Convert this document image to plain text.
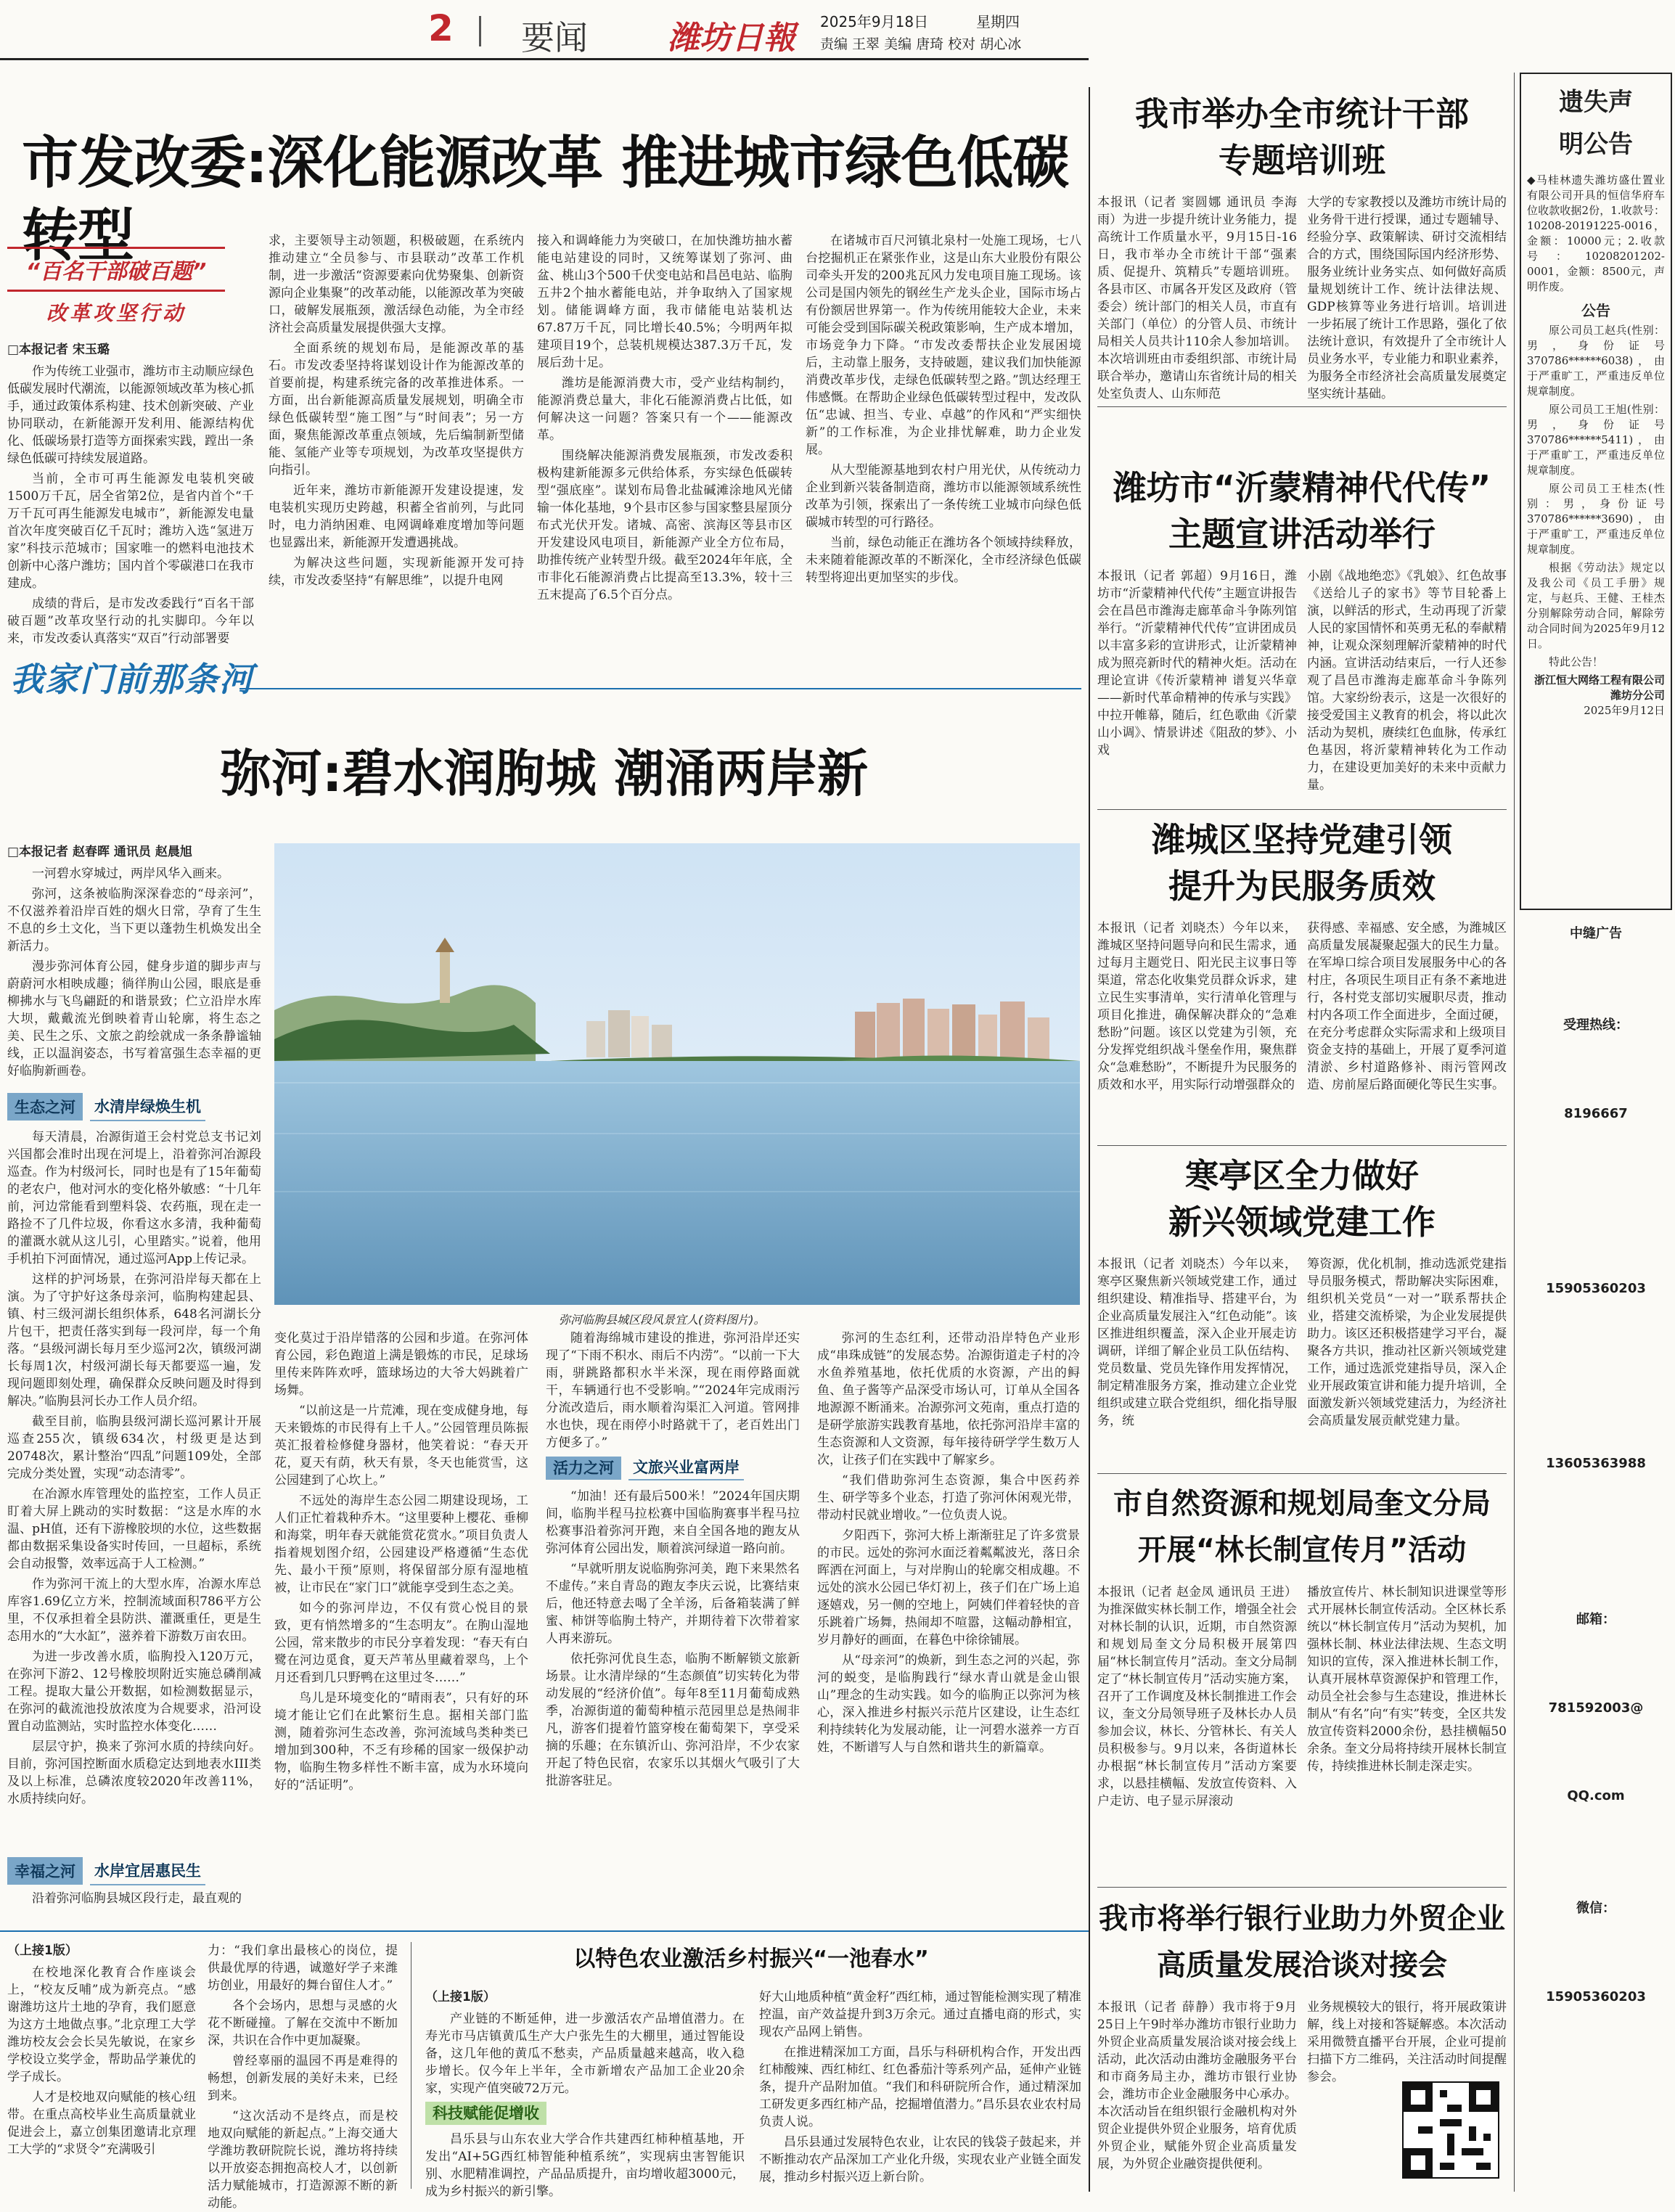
2 要闻	潍坊日報 2025年9月18日	星期四
责编 王翠 美编 唐琦 校对 胡心冰
市发改委:深化能源改革 推进城市绿色低碳转型
“百名干部破百题”
改革攻坚行动
□本报记者 宋玉璐

作为传统工业强市，潍坊市主动顺应绿色低碳发展时代潮流，以能源领域改革为核心抓手，通过政策体系构建、技术创新突破、产业协同联动，在新能源开发利用、能源结构优化、低碳场景打造等方面探索实践，蹚出一条绿色低碳可持续发展道路。

当前，全市可再生能源发电装机突破1500万千瓦，居全省第2位，是省内首个“千万千瓦可再生能源发电城市”，新能源发电量首次年度突破百亿千瓦时；潍坊入选“氢进万家”科技示范城市；国家唯一的燃料电池技术创新中心落户潍坊；国内首个零碳港口在我市建成。

成绩的背后，是市发改委践行“百名干部破百题”改革攻坚行动的扎实脚印。今年以来，市发改委认真落实“双百”行动部署要

求，主要领导主动领题，积极破题，在系统内推动建立“全员参与、市县联动”改革工作机制，进一步激活“资源要素向优势聚集、创新资源向企业集聚”的改革动能，以能源改革为突破口，破解发展瓶颈，激活绿色动能，为全市经济社会高质量发展提供强大支撑。

全面系统的规划布局，是能源改革的基石。市发改委坚持将谋划设计作为能源改革的首要前提，构建系统完备的改革推进体系。一方面，出台新能源高质量发展规划，明确全市绿色低碳转型“施工图”与“时间表”；另一方面，聚焦能源改革重点领域，先后编制新型储能、氢能产业等专项规划，为改革攻坚提供方向指引。

近年来，潍坊市新能源开发建设提速，发电装机实现历史跨越，积蓄全省前列，与此同时，电力消纳困难、电网调峰难度增加等问题也显露出来，新能源开发遭遇挑战。

为解决这些问题，实现新能源开发可持续，市发改委坚持“有解思维”，以提升电网

接入和调峰能力为突破口，在加快潍坊抽水蓄能电站建设的同时，又统筹谋划了弥河、曲盆、桃山3个500千伏变电站和昌邑电站、临朐五井2个抽水蓄能电站，并争取纳入了国家规划。储能调峰方面，我市储能电站装机达67.87万千瓦，同比增长40.5%；今明两年拟建项目19个，总装机规模达387.3万千瓦，发展后劲十足。

潍坊是能源消费大市，受产业结构制约，能源消费总量大，非化石能源消费占比低，如何解决这一问题？答案只有一个——能源改革。

围绕解决能源消费发展瓶颈，市发改委积极构建新能源多元供给体系，夯实绿色低碳转型“强底座”。谋划布局鲁北盐碱滩涂地风光储输一体化基地，9个县市区参与国家整县屋顶分布式光伏开发。诸城、高密、滨海区等县市区开发建设风电项目，新能源产业全方位布局，助推传统产业转型升级。截至2024年年底，全市非化石能源消费占比提高至13.3%，较十三五末提高了6.5个百分点。

在诸城市百尺河镇北泉村一处施工现场，七八台挖掘机正在紧张作业，这是山东大业股份有限公司牵头开发的200兆瓦风力发电项目施工现场。该公司是国内领先的钢丝生产龙头企业，国际市场占有份额居世界第一。作为传统用能较大企业，未来可能会受到国际碳关税政策影响，生产成本增加，市场竞争力下降。“市发改委帮扶企业发展困境后，主动靠上服务，支持破题，建议我们加快能源消费改革步伐，走绿色低碳转型之路。”凯达经理王伟感慨。在帮助企业绿色低碳转型过程中，发改队伍“忠诚、担当、专业、卓越”的作风和“严实细快新”的工作标准，为企业排忧解难，助力企业发展。

从大型能源基地到农村户用光伏，从传统动力企业到新兴装备制造商，潍坊市以能源领域系统性改革为引领，探索出了一条传统工业城市向绿色低碳城市转型的可行路径。

当前，绿色动能正在潍坊各个领域持续释放，未来随着能源改革的不断深化，全市经济绿色低碳转型将迎出更加坚实的步伐。

我家门前那条河
弥河:碧水润朐城 潮涌两岸新
□本报记者 赵春晖 通讯员 赵晨旭

一河碧水穿城过，两岸风华入画来。

弥河，这条被临朐深深眷恋的“母亲河”，不仅滋养着沿岸百姓的烟火日常，孕育了生生不息的乡土文化，当下更以蓬勃生机焕发出全新活力。

漫步弥河体育公园，健身步道的脚步声与蔚蔚河水相映成趣；徜徉朐山公园，眼底是垂柳拂水与飞鸟翩跹的和谐景致；伫立沿岸水库大坝，戴戴流光倒映着青山轮廓，将生态之美、民生之乐、文旅之韵绘就成一条条静谧轴线，正以温润姿态，书写着富强生态幸福的更好临朐新画卷。

生态之河	水清岸绿焕生机

每天清晨，冶源街道王会村党总支书记刘兴国都会准时出现在河堤上，沿着弥河冶源段巡查。作为村级河长，同时也是有了15年葡萄的老农户，他对河水的变化格外敏感：“十几年前，河边常能看到塑料袋、农药瓶，现在走一路捡不了几件垃圾，你看这水多清，我种葡萄的灌溉水就从这儿引，心里踏实。”说着，他用手机拍下河面情况，通过巡河App上传记录。

这样的护河场景，在弥河沿岸每天都在上演。为了守护好这条母亲河，临朐构建起县、镇、村三级河湖长组织体系，648名河湖长分片包干，把责任落实到每一段河岸，每一个角落。“县级河湖长每月至少巡河2次，镇级河湖长每周1次，村级河湖长每天都要巡一遍，发现问题即刻处理，确保群众反映问题及时得到解决。”临朐县河长办工作人员介绍。

截至目前，临朐县级河湖长巡河累计开展巡查255次，镇级634次，村级更是达到20748次，累计整治“四乱”问题109处，全部完成分类处置，实现“动态清零”。

在冶源水库管理处的监控室，工作人员正盯着大屏上跳动的实时数据：“这是水库的水温、pH值，还有下游橡胶坝的水位，这些数据都由数据采集设备实时传回，一旦超标，系统会自动报警，效率远高于人工检测。”

作为弥河干流上的大型水库，冶源水库总库容1.69亿立方米，控制流域面积786平方公里，不仅承担着全县防洪、灌溉重任，更是生态用水的“大水缸”，滋养着下游数万亩农田。

为进一步改善水质，临朐投入120万元，在弥河下游2、12号橡胶坝附近实施总磷削减工程。提取大量公开数据，如检测数据显示，在弥河的截流池投放浓度为合规要求，沿河设置自动监测站，实时监控水体变化……

层层守护，换来了弥河水质的持续向好。目前，弥河国控断面水质稳定达到地表水III类及以上标准，总磷浓度较2020年改善11%，水质持续向好。

幸福之河	水岸宜居惠民生

沿着弥河临朐县城区段行走，最直观的

弥河临朐县城区段风景宜人(资料图片)。

变化莫过于沿岸错落的公园和步道。在弥河体育公园，彩色跑道上满是锻炼的市民，足球场里传来阵阵欢呼，篮球场边的大爷大妈跳着广场舞。

“以前这是一片荒滩，现在变成健身地，每天来锻炼的市民得有上千人。”公园管理员陈振英汇报着检修健身器材，他笑着说：“春天开花，夏天有荫，秋天有景，冬天也能赏雪，这公园建到了心坎上。”

不远处的海岸生态公园二期建设现场，工人们正忙着栽种乔木。“这里要种上樱花、垂柳和海棠，明年春天就能赏花赏水。”项目负责人指着规划图介绍，公园建设严格遵循“生态优先、最小干预”原则，将保留部分原有湿地植被，让市民在“家门口”就能享受到生态之美。

如今的弥河岸边，不仅有赏心悦目的景致，更有悄然增多的“生态明友”。在朐山湿地公园，常来散步的市民分享着发现：“春天有白鹭在河边觅食，夏天芦苇丛里藏着翠鸟，上个月还看到几只野鸭在这里过冬……”

鸟儿是环境变化的“晴雨表”，只有好的环境才能让它们在此繁衍生息。据相关部门监测，随着弥河生态改善，弥河流域鸟类种类已增加到300种，不乏有珍稀的国家一级保护动物，临朐生物多样性不断丰富，成为水环境向好的“活证明”。

随着海绵城市建设的推进，弥河沿岸还实现了“下雨不积水、雨后不内涝”。“以前一下大雨，骈跳路都积水半米深，现在雨停路面就干，车辆通行也不受影响。”“2024年完成雨污分流改造后，雨水顺着沟渠汇入河道。管网排水也快，现在雨停小时路就干了，老百姓出门方便多了。”

活力之河	文旅兴业富两岸

“加油！还有最后500米！”2024年国庆期间，临朐半程马拉松赛中国临朐赛事半程马拉松赛事沿着弥河开跑，来自全国各地的跑友从弥河体育公园出发，顺着滨河绿道一路向前。

“早就听朋友说临朐弥河美，跑下来果然名不虚传。”来自青岛的跑友李庆云说，比赛结束后，他还特意去喝了全羊汤，后备箱装满了鲜蜜、柿饼等临朐土特产，并期待着下次带着家人再来游玩。

依托弥河优良生态，临朐不断解锁文旅新场景。让水清岸绿的“生态颜值”切实转化为带动发展的“经济价值”。每年8至11月葡萄成熟季，冶源街道的葡萄种植示范园里总是热闹非凡，游客们提着竹篮穿梭在葡萄架下，享受采摘的乐趣；在东镇沂山、弥河沿岸，不少农家开起了特色民宿，农家乐以其烟火气吸引了大批游客驻足。

弥河的生态红利，还带动沿岸特色产业形成“串珠成链”的发展态势。冶源街道走子村的冷水鱼养殖基地，依托优质的水资源，产出的鲟鱼、鱼子酱等产品深受市场认可，订单从全国各地源源不断涌来。冶源弥河文苑南，重点打造的是研学旅游实践教育基地，依托弥河沿岸丰富的生态资源和人文资源，每年接待研学学生数万人次，让孩子们在实践中了解家乡。

“我们借助弥河生态资源，集合中医药养生、研学等多个业态，打造了弥河休闲观光带，带动村民就业增收。”一位负责人说。

夕阳西下，弥河大桥上渐渐驻足了许多赏景的市民。远处的弥河水面泛着粼粼波光，落日余晖洒在河面上，与对岸朐山的轮廓交相成趣。不远处的滨水公园已华灯初上，孩子们在广场上追逐嬉戏，另一侧的空地上，阿姨们伴着轻快的音乐跳着广场舞，热闹却不喧嚣，这幅动静相宜，岁月静好的画面，在暮色中徐徐铺展。

从“母亲河”的焕新，到生态之河的兴起，弥河的蜕变，是临朐践行“绿水青山就是金山银山”理念的生动实践。如今的临朐正以弥河为核心，深入推进乡村振兴示范片区建设，让生态红利持续转化为发展动能，让一河碧水滋养一方百姓，不断谱写人与自然和谐共生的新篇章。

（上接1版）

在校地深化教育合作座谈会上，“校友反哺”成为新亮点。“感谢潍坊这片土地的孕育，我们愿意为这方土地做点事。”北京理工大学潍坊校友会会长吴先敏说，在家乡学校设立奖学金，帮助品学兼优的学子成长。

人才是校地双向赋能的核心纽带。在重点高校毕业生高质量就业促进会上，嘉立创集团邀请北京理工大学的“求贤令”充满吸引

力：“我们拿出最核心的岗位，提供最优厚的待遇，诚邀好学子来潍坊创业，用最好的舞台留住人才。”

各个会场内，思想与灵感的火花不断碰撞。了解在交流中不断加深，共识在合作中更加凝聚。

曾经辜丽的温园不再是难得的畅想，创新发展的美好未来，已经到来。

“这次活动不是终点，而是校地双向赋能的新起点。”上海交通大学潍坊教研院院长说，潍坊将持续以开放姿态拥抱高校人才，以创新活力赋能城市，打造源源不断的新动能。

以特色农业激活乡村振兴“一池春水”
（上接1版）

产业链的不断延伸，进一步激活农产品增值潜力。在寿光市马店镇黄瓜生产大户张先生的大棚里，通过智能设备，这几年他的黄瓜不愁卖，产品质量越来越高，收入稳步增长。仅今年上半年，全市新增农产品加工企业20余家，实现产值突破72万元。

科技赋能促增收

昌乐县与山东农业大学合作共建西红柿种植基地，开发出“AI+5G西红柿智能种植系统”，实现病虫害智能识别、水肥精准调控，产品品质提升，亩均增收超3000元，成为乡村振兴的新引擎。

好大山地质种植“黄金籽”西红柿，通过智能检测实现了精准控温，亩产效益提升到3万余元。通过直播电商的形式，实现农产品网上销售。

在推进精深加工方面，昌乐与科研机构合作，开发出西红柿酸辣、西红柿红、红色番茄汁等系列产品，延伸产业链条，提升产品附加值。“我们和科研院所合作，通过精深加工研发更多西红柿产品，挖掘增值潜力。”昌乐县农业农村局负责人说。

昌乐县通过发展特色农业，让农民的钱袋子鼓起来，并不断推动农产品深加工产业化升级，实现农业产业链全面发展，推动乡村振兴迈上新台阶。

我市举办全市统计干部
专题培训班
本报讯（记者 窦圆娜 通讯员 李海雨）为进一步提升统计业务能力，提高统计工作质量水平，9月15日-16日，我市举办全市统计干部“强素质、促提升、筑精兵”专题培训班。各县市区、市属各开发区及政府（管委会）统计部门的相关人员，市直有关部门（单位）的分管人员、市统计局相关人员共计110余人参加培训。本次培训班由市委组织部、市统计局联合举办，邀请山东省统计局的相关处室负责人、山东师范
大学的专家教授以及潍坊市统计局的业务骨干进行授课，通过专题辅导、经验分享、政策解读、研讨交流相结合的方式，围绕国际国内经济形势、服务业统计业务实点、如何做好高质量规划统计工作、统计法律法规、GDP核算等业务进行培训。培训进一步拓展了统计工作思路，强化了依法统计意识，有效提升了全市统计人员业务水平，专业能力和职业素养，为服务全市经济社会高质量发展奠定坚实统计基础。
潍坊市“沂蒙精神代代传”
主题宣讲活动举行
本报讯（记者 郭超）9月16日，潍坊市“沂蒙精神代代传”主题宣讲报告会在昌邑市潍海走廊革命斗争陈列馆举行。“沂蒙精神代代传”宣讲团成员以丰富多彩的宣讲形式，让沂蒙精神成为照亮新时代的精神火炬。活动在理论宣讲《传沂蒙精神 谱复兴华章——新时代革命精神的传承与实践》中拉开帷幕，随后，红色歌曲《沂蒙山小调》、情景讲述《阻敌的梦》、小戏
小剧《战地绝恋》《乳娘》、红色故事《送给儿子的家书》等节目轮番上演，以鲜活的形式，生动再现了沂蒙人民的家国情怀和英勇无私的奉献精神，让观众深刻理解沂蒙精神的时代内涵。宣讲活动结束后，一行人还参观了昌邑市潍海走廊革命斗争陈列馆。大家纷纷表示，这是一次很好的接受爱国主义教育的机会，将以此次活动为契机，赓续红色血脉，传承红色基因，将沂蒙精神转化为工作动力，在建设更加美好的未来中贡献力量。
潍城区坚持党建引领
提升为民服务质效
本报讯（记者 刘晓杰）今年以来，潍城区坚持问题导向和民生需求，通过每月主题党日、阳光民主议事日等渠道，常态化收集党员群众诉求，建立民生实事清单，实行清单化管理与项目化推进，确保解决群众的“急难愁盼”问题。该区以党建为引领，充分发挥党组织战斗堡垒作用，聚焦群众“急难愁盼”，不断提升为民服务的质效和水平，用实际行动增强群众的
获得感、幸福感、安全感，为潍城区高质量发展凝聚起强大的民生力量。在军埠口综合项目发展服务中心的各村庄，各项民生项目正有条不紊地进行，各村党支部切实履职尽责，推动村内各项工作全面进步，全面过硬，在充分考虑群众实际需求和上级项目资金支持的基础上，开展了夏季河道清淤、乡村道路修补、雨污管网改造、房前屋后路面硬化等民生实事。
寒亭区全力做好
新兴领域党建工作
本报讯（记者 刘晓杰）今年以来，寒亭区聚焦新兴领域党建工作，通过组织建设、精准指导、搭建平台，为企业高质量发展注入“红色动能”。该区推进组织覆盖，深入企业开展走访调研，详细了解企业员工队伍结构、党员数量、党员先锋作用发挥情况，制定精准服务方案，推动建立企业党组织或建立联合党组织，细化指导服务，统
筹资源，优化机制，推动选派党建指导员服务模式，帮助解决实际困难，组织机关党员“一对一”联系帮扶企业，搭建交流桥梁，为企业发展提供助力。该区还积极搭建学习平台，凝聚各方共识，推动社区新兴领域党建工作，通过选派党建指导员，深入企业开展政策宣讲和能力提升培训，全面激发新兴领域党建活力，为经济社会高质量发展贡献党建力量。
市自然资源和规划局奎文分局
开展“林长制宣传月”活动
本报讯（记者 赵金凤 通讯员 王进）为推深做实林长制工作，增强全社会对林长制的认识，近期，市自然资源和规划局奎文分局积极开展第四届“林长制宣传月”活动。奎文分局制定了“林长制宣传月”活动实施方案，召开了工作调度及林长制推进工作会议，奎文分局领导班子及林长办人员参加会议，林长、分管林长、有关人员积极参与。9月以来，各街道林长办根据“林长制宣传月”活动方案要求，以悬挂横幅、发放宣传资料、入户走访、电子显示屏滚动
播放宣传片、林长制知识进课堂等形式开展林长制宣传活动。全区林长系统以“林长制宣传月”活动为契机，加强林长制、林业法律法规、生态文明知识的宣传，深入推进林长制工作，认真开展林草资源保护和管理工作，动员全社会参与生态建设，推进林长制从“有名”向“有实”转变，全区共发放宣传资料2000余份，悬挂横幅50余条。奎文分局将持续开展林长制宣传，持续推进林长制走深走实。
我市将举行银行业助力外贸企业
高质量发展洽谈对接会
本报讯（记者 薛静）我市将于9月25日上午9时举办潍坊市银行业助力外贸企业高质量发展洽谈对接会线上活动，此次活动由潍坊金融服务平台和市商务局主办，潍坊市银行业协会，潍坊市企业金融服务中心承办。本次活动旨在组织银行金融机构对外贸企业提供外贸企业服务，培育优质外贸企业，赋能外贸企业高质量发展，为外贸企业融资提供便利。
业务规模较大的银行，将开展政策讲解，线上对接和答疑解惑。本次活动采用微赞直播平台开展，企业可提前扫描下方二维码，关注活动时间提醒参会。
遗失声明公告
◆马桂林遗失潍坊盛仕置业有限公司开具的恒信华府车位收款收据2份，1.收款号：10208-20191225-0016，金额：10000元；2.收款号：10208201202-0001，金额：8500元，声明作废。
公告

原公司员工赵兵(性别：男，身份证号370786******6038)，由于严重旷工，严重违反单位规章制度。

原公司员工王旭(性别：男，身份证号370786******5411)，由于严重旷工，严重违反单位规章制度。

原公司员工王桂杰(性别：男，身份证号370786******3690)，由于严重旷工，严重违反单位规章制度。

根据《劳动法》规定以及我公司《员工手册》规定，与赵兵、王健、王桂杰分别解除劳动合同，解除劳动合同时间为2025年9月12日。

特此公告！

浙江恒大网络工程有限公司潍坊分公司
2025年9月12日
中缝广告
受理热线：
8196667
15905360203
13605363988
邮箱：
781592003@
QQ.com
微信：
15905360203
